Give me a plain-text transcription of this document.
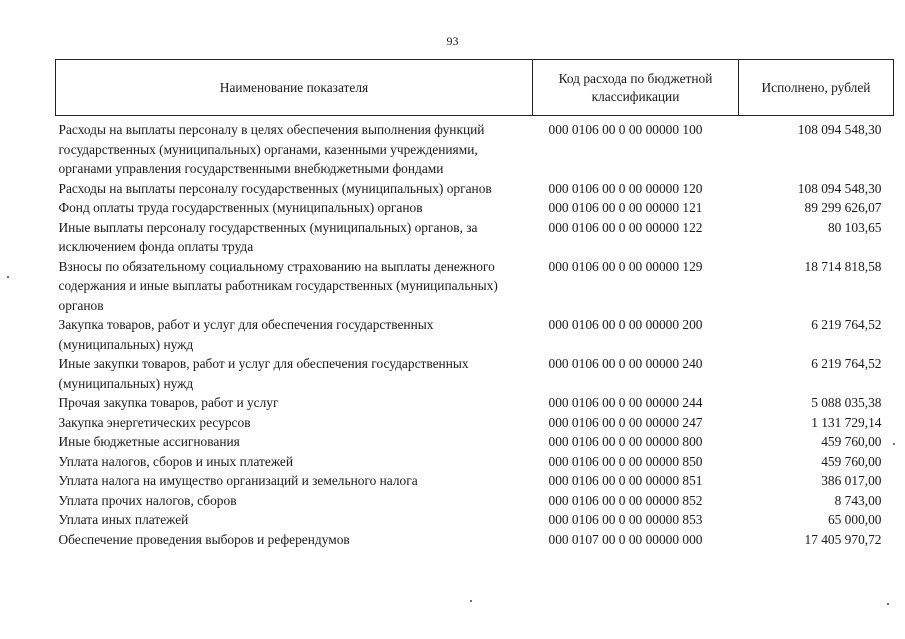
93
Наименование показателя	Код расхода по бюджетной классификации	Исполнено, рублей
Расходы на выплаты персоналу в целях обеспечения выполнения функций государственных (муниципальных) органами, казенными учреждениями, органами управления государственными внебюджетными фондами	000 0106 00 0 00 00000 100	108 094 548,30
Расходы на выплаты персоналу государственных (муниципальных) органов	000 0106 00 0 00 00000 120	108 094 548,30
Фонд оплаты труда государственных (муниципальных) органов	000 0106 00 0 00 00000 121	89 299 626,07
Иные выплаты персоналу государственных (муниципальных) органов, за исключением фонда оплаты труда	000 0106 00 0 00 00000 122	80 103,65
Взносы по обязательному социальному страхованию на выплаты денежного содержания и иные выплаты работникам государственных (муниципальных) органов	000 0106 00 0 00 00000 129	18 714 818,58
Закупка товаров, работ и услуг для обеспечения государственных (муниципальных) нужд	000 0106 00 0 00 00000 200	6 219 764,52
Иные закупки товаров, работ и услуг для обеспечения государственных (муниципальных) нужд	000 0106 00 0 00 00000 240	6 219 764,52
Прочая закупка товаров, работ и услуг	000 0106 00 0 00 00000 244	5 088 035,38
Закупка энергетических ресурсов	000 0106 00 0 00 00000 247	1 131 729,14
Иные бюджетные ассигнования	000 0106 00 0 00 00000 800	459 760,00
Уплата налогов, сборов и иных платежей	000 0106 00 0 00 00000 850	459 760,00
Уплата налога на имущество организаций и земельного налога	000 0106 00 0 00 00000 851	386 017,00
Уплата прочих налогов, сборов	000 0106 00 0 00 00000 852	8 743,00
Уплата иных платежей	000 0106 00 0 00 00000 853	65 000,00
Обеспечение проведения выборов и референдумов	000 0107 00 0 00 00000 000	17 405 970,72
